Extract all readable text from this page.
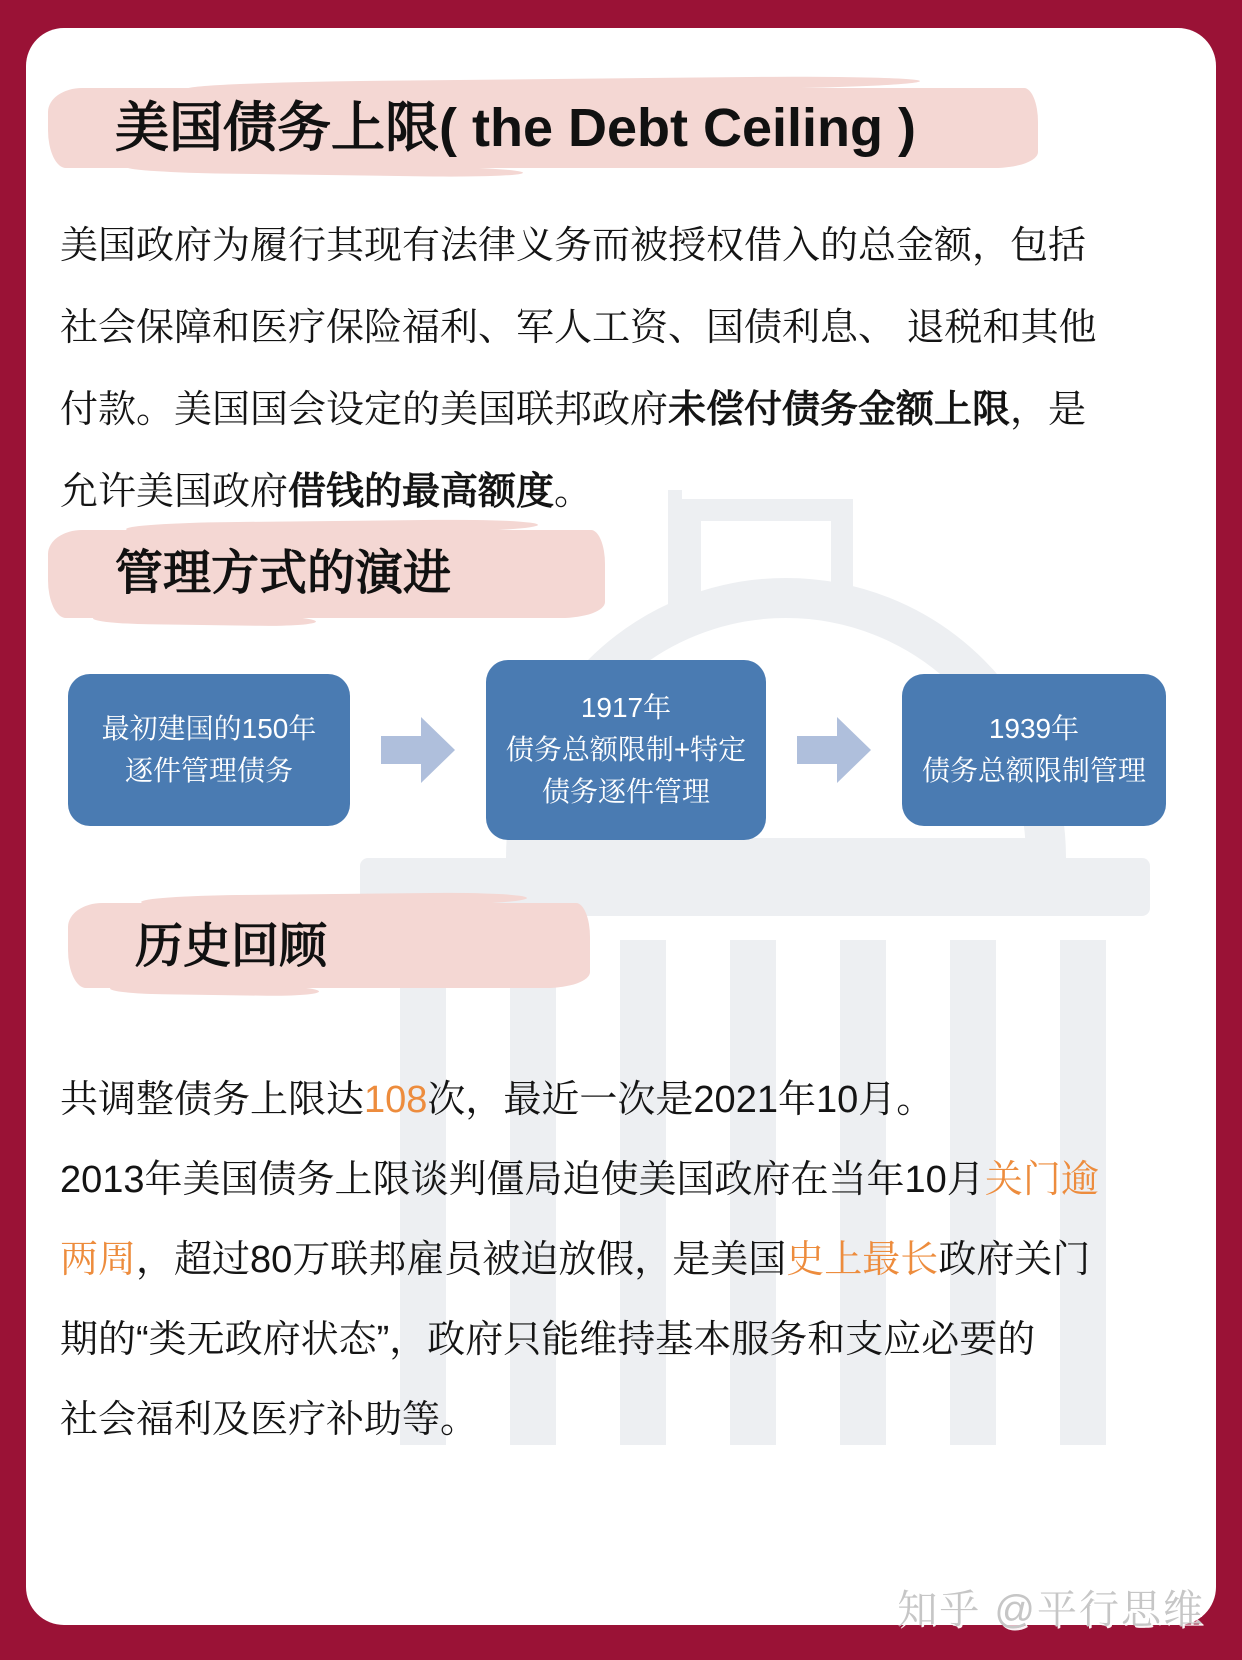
美国债务上限( the Debt Ceiling )
美国政府为履行其现有法律义务而被授权借入的总金额，包括
社会保障和医疗保险福利、军人工资、国债利息、 退税和其他
付款。美国国会设定的美国联邦政府未偿付债务金额上限，是
允许美国政府借钱的最高额度。
管理方式的演进
最初建国的150年
逐件管理债务
1917年
债务总额限制+特定
债务逐件管理
1939年
债务总额限制管理
历史回顾
共调整债务上限达108次，最近一次是2021年10月。
2013年美国债务上限谈判僵局迫使美国政府在当年10月关门逾
两周，超过80万联邦雇员被迫放假，是美国史上最长政府关门
期的“类无政府状态”，政府只能维持基本服务和支应必要的
社会福利及医疗补助等。
知乎 @平行思维
